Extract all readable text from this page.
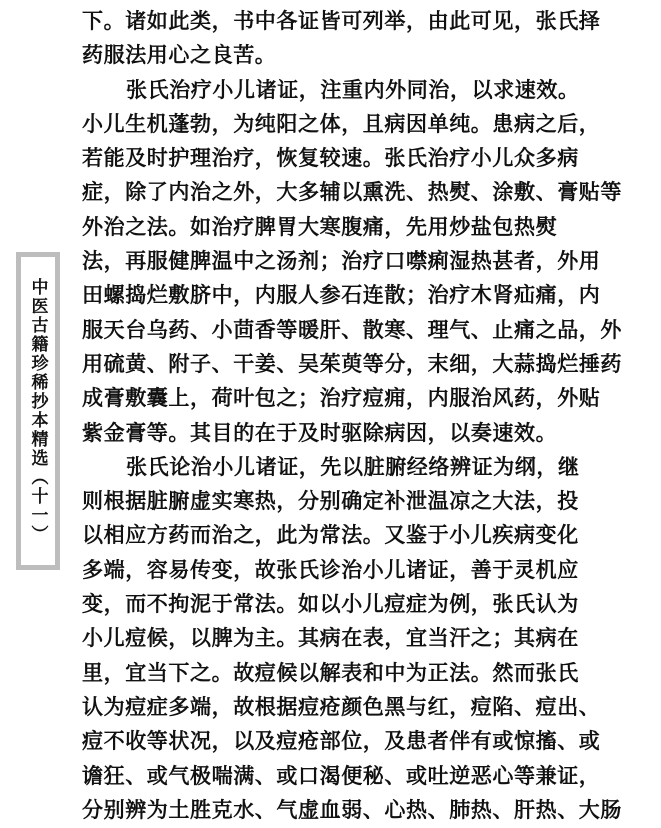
中医古籍珍稀抄本精选（十一）
下。诸如此类，书中各证皆可列举，由此可见，张氏择
药服法用心之良苦。
张氏治疗小儿诸证，注重内外同治，以求速效。
小儿生机蓬勃，为纯阳之体，且病因单纯。患病之后，
若能及时护理治疗，恢复较速。张氏治疗小儿众多病
症，除了内治之外，大多辅以熏洗、热熨、涂敷、膏贴等
外治之法。如治疗脾胃大寒腹痛，先用炒盐包热熨
法，再服健脾温中之汤剂；治疗口噤痢湿热甚者，外用
田螺捣烂敷脐中，内服人参石连散；治疗木肾疝痛，内
服天台乌药、小茴香等暖肝、散寒、理气、止痛之品，外
用硫黄、附子、干姜、吴茱萸等分，末细，大蒜捣烂捶药
成膏敷囊上，荷叶包之；治疗痘痈，内服治风药，外贴
紫金膏等。其目的在于及时驱除病因，以奏速效。
张氏论治小儿诸证，先以脏腑经络辨证为纲，继
则根据脏腑虚实寒热，分别确定补泄温凉之大法，投
以相应方药而治之，此为常法。又鉴于小儿疾病变化
多端，容易传变，故张氏诊治小儿诸证，善于灵机应
变，而不拘泥于常法。如以小儿痘症为例，张氏认为
小儿痘候，以脾为主。其病在表，宜当汗之；其病在
里，宜当下之。故痘候以解表和中为正法。然而张氏
认为痘症多端，故根据痘疮颜色黑与红，痘陷、痘出、
痘不收等状况，以及痘疮部位，及患者伴有或惊搐、或
谵狂、或气极喘满、或口渴便秘、或吐逆恶心等兼证，
分别辨为土胜克水、气虚血弱、心热、肺热、肝热、大肠
